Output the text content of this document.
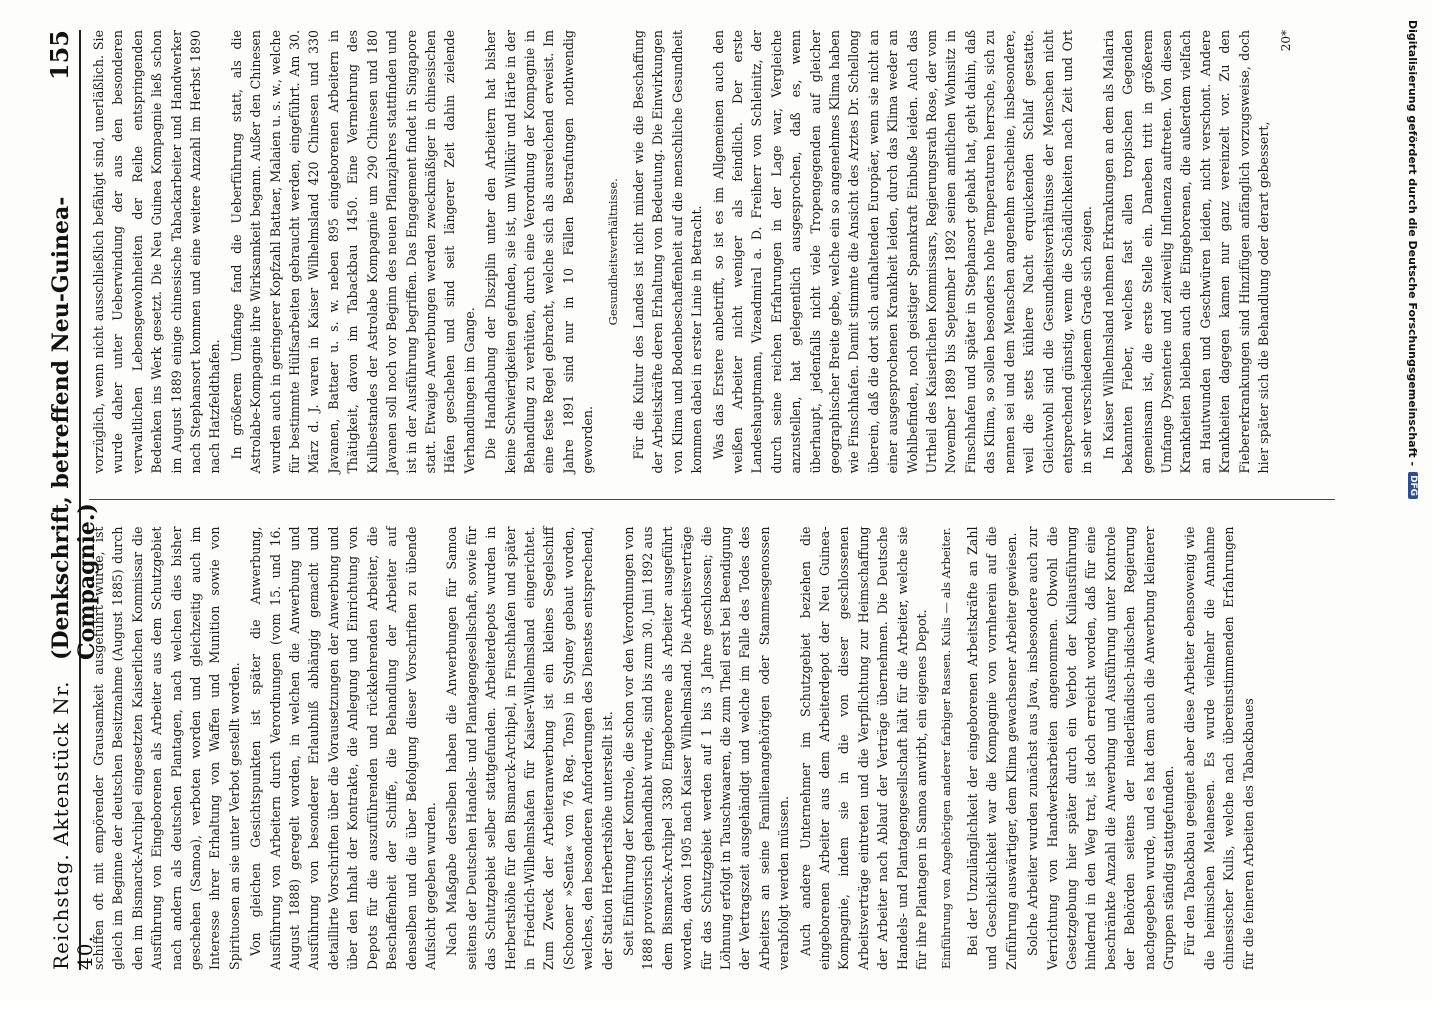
Reichstag. Aktenstück Nr. 40.
(Denkschrift, betreffend Neu-Guinea-Compagnie.)
155

schiffen oft mit empörender Grausamkeit ausgeführt wurde, ist gleich im Beginne der deutschen Besitznahme (August 1885) durch den im Bismarck-Archipel eingesetzten Kaiserlichen Kommissar die Ausführung von Eingeborenen als Arbeiter aus dem Schutzgebiet nach andern als deutschen Plantagen, nach welchen dies bisher geschehen (Samoa), verboten worden und gleichzeitig auch im Interesse ihrer Erhaltung von Waffen und Munition sowie von Spirituosen an sie unter Verbot gestellt worden. Von gleichen Gesichtspunkten ist später die Anwerbung, Ausführung von Arbeitern durch Verordnungen (vom 15. und 16. August 1888) geregelt worden, in welchen die Anwerbung und Ausführung von besonderer Erlaubniß abhängig gemacht und detaillirte Vorschriften über die Vorausetzungen der Anwerbung und über den Inhalt der Kontrakte, die Anlegung und Einrichtung von Depots für die auszuführenden und rückkehrenden Arbeiter, die Beschaffenheit der Schiffe, die Behandlung der Arbeiter auf denselben und die über Befolgung dieser Vorschriften zu übende Aufsicht gegeben wurden. Nach Maßgabe derselben haben die Anwerbungen für Samoa seitens der Deutschen Handels- und Plantagengesellschaft, sowie für das Schutzgebiet selber stattgefunden. Arbeiterdepots wurden in Herbertshöhe für den Bismarck-Archipel, in Finschhafen und später in Friedrich-Wilhelmshafen für Kaiser-Wilhelmsland eingerichtet. Zum Zweck der Arbeiteranwerbung ist ein kleines Segelschiff (Schooner »Senta« von 76 Reg. Tons) in Sydney gebaut worden, welches, den besonderen Anforderungen des Dienstes entsprechend, der Station Herbertshöhe unterstellt ist. Seit Einführung der Kontrole, die schon vor den Verordnungen von 1888 provisorisch gehandhabt wurde, sind bis zum 30. Juni 1892 aus dem Bismarck-Archipel 3380 Eingeborene als Arbeiter ausgeführt worden, davon 1905 nach Kaiser Wilhelmsland. Die Arbeitsverträge für das Schutzgebiet werden auf 1 bis 3 Jahre geschlossen; die Löhnung erfolgt in Tauschwaaren, die zum Theil erst bei Beendigung der Vertragszeit ausgehändigt und welche im Falle des Todes des Arbeiters an seine Familienangehörigen oder Stammesgenossen verabfolgt werden müssen. Auch andere Unternehmer im Schutzgebiet beziehen die eingeborenen Arbeiter aus dem Arbeiterdepot der Neu Guinea-Kompagnie, indem sie in die von dieser geschlossenen Arbeitsverträge eintreten und die Verpflichtung zur Heimschaffung der Arbeiter nach Ablauf der Verträge übernehmen. Die Deutsche Handels- und Plantagengesellschaft hält für die Arbeiter, welche sie für ihre Plantagen in Samoa anwirbt, ein eigenes Depot. Einführung von Angehörigen anderer farbiger Rassen. Kulis — als Arbeiter. Bei der Unzulänglichkeit der eingeborenen Arbeitskräfte an Zahl und Geschicklichkeit war die Kompagnie von vornherein auf die Zuführung auswärtiger, dem Klima gewachsener Arbeiter gewiesen. Solche Arbeiter wurden zunächst aus Java, insbesondere auch zur Verrichtung von Handwerksarbeiten angenommen. Obwohl die Gesetzgebung hier später durch ein Verbot der Kuliausführung hindernd in den Weg trat, ist doch erreicht worden, daß für eine beschränkte Anzahl die Anwerbung und Ausführung unter Kontrole der Behörden seitens der niederländisch-indischen Regierung nachgegeben wurde, und es hat dem auch die Anwerbung kleinerer Gruppen ständig stattgefunden. Für den Tabackbau geeignet aber diese Arbeiter ebensowenig wie die heimischen Melanesen. Es wurde vielmehr die Annahme chinesischer Kulis, welche nach übereinstimmenden Erfahrungen für die feineren Arbeiten des Tabackbaues

vorzüglich, wenn nicht ausschließlich befähigt sind, unerläßlich. Sie wurde daher unter Ueberwindung der aus den besonderen verwaltlichen Lebensgewohnheiten der Reihe entspringenden Bedenken ins Werk gesetzt. Die Neu Guinea Kompagnie ließ schon im August 1889 einige chinesische Tabackarbeiter und Handwerker nach Stephansort kommen und eine weitere Anzahl im Herbst 1890 nach Hatzfeldthafen. In größerem Umfange fand die Ueberführung statt, als die Astrolabe-Kompagnie ihre Wirksamkeit begann. Außer den Chinesen wurden auch in geringerer Kopfzahl Battaer, Malaien u. s. w., welche für bestimmte Hülfsarbeiten gebraucht werden, eingeführt. Am 30. März d. J. waren in Kaiser Wilhelmsland 420 Chinesen und 330 Javanen, Battaer u. s. w. neben 895 eingeborenen Arbeitern in Thätigkeit, davon im Tabackbau 1450. Eine Vermehrung des Kulibestandes der Astrolabe Kompagnie um 290 Chinesen und 180 Javanen soll noch vor Beginn des neuen Pflanzjahres stattfinden und ist in der Ausführung begriffen. Das Engagement findet in Singapore statt. Etwaige Anwerbungen werden zweckmäßiger in chinesischen Häfen geschehen und sind seit längerer Zeit dahin zielende Verhandlungen im Gange. Die Handhabung der Disziplin unter den Arbeitern hat bisher keine Schwierigkeiten gefunden, sie ist, um Willkür und Härte in der Behandlung zu verhüten, durch eine Verordnung der Kompagnie in eine feste Regel gebracht, welche sich als ausreichend erweist. Im Jahre 1891 sind nur in 10 Fällen Bestrafungen nothwendig geworden.

Gesundheitsverhältnisse. Für die Kultur des Landes ist nicht minder wie die Beschaffung der Arbeitskräfte deren Erhaltung von Bedeutung. Die Einwirkungen von Klima und Bodenbeschaffenheit auf die menschliche Gesundheit kommen dabei in erster Linie in Betracht. Was das Erstere anbetrifft, so ist es im Allgemeinen auch den weißen Arbeiter nicht weniger als feindlich. Der erste Landeshauptmann, Vizeadmiral a. D. Freiherr von Schleinitz, der durch seine reichen Erfahrungen in der Lage war, Vergleiche anzustellen, hat gelegentlich ausgesprochen, daß es, wenn überhaupt, jedenfalls nicht viele Tropengegenden auf gleicher geographischer Breite gebe, welche ein so angenehmes Klima haben wie Finschhafen. Damit stimmte die Ansicht des Arztes Dr. Schellong überein, daß die dort sich aufhaltenden Europäer, wenn sie nicht an einer ausgesprochenen Krankheit leiden, durch das Klima weder an Wohlbefinden, noch geistiger Spannkraft Einbuße leiden. Auch das Urtheil des Kaiserlichen Kommissars, Regierungsrath Rose, der vom November 1889 bis September 1892 seinen amtlichen Wohnsitz in Finschhafen und später in Stephansort gehabt hat, geht dahin, daß das Klima, so sollen besonders hohe Temperaturen herrsche, sich zu nennen sei und dem Menschen angenehm erscheine, insbesondere, weil die stets kühlere Nacht erquickenden Schlaf gestatte. Gleichwohl sind die Gesundheitsverhältnisse der Menschen nicht entsprechend günstig, wenn die Schädlichkeiten nach Zeit und Ort in sehr verschiedenem Grade sich zeigen. In Kaiser Wilhelmsland nehmen Erkrankungen an dem als Malaria bekannten Fieber, welches fast allen tropischen Gegenden gemeinsam ist, die erste Stelle ein. Daneben tritt in größerem Umfange Dysenterie und zeitweilig Influenza auftreten. Von diesen Krankheiten bleiben auch die Eingeborenen, die außerdem vielfach an Hautwunden und Geschwüren leiden, nicht verschont. Andere Krankheiten dagegen kamen nur ganz vereinzelt vor. Zu den Fiebererkrankungen sind Hinzifügen anfänglich vorzugsweise, doch hier später sich die Behandlung oder derart gebessert,

20*	Digitalisierung gefördert durch die Deutsche Forschungsgemeinschaft -
DFG
